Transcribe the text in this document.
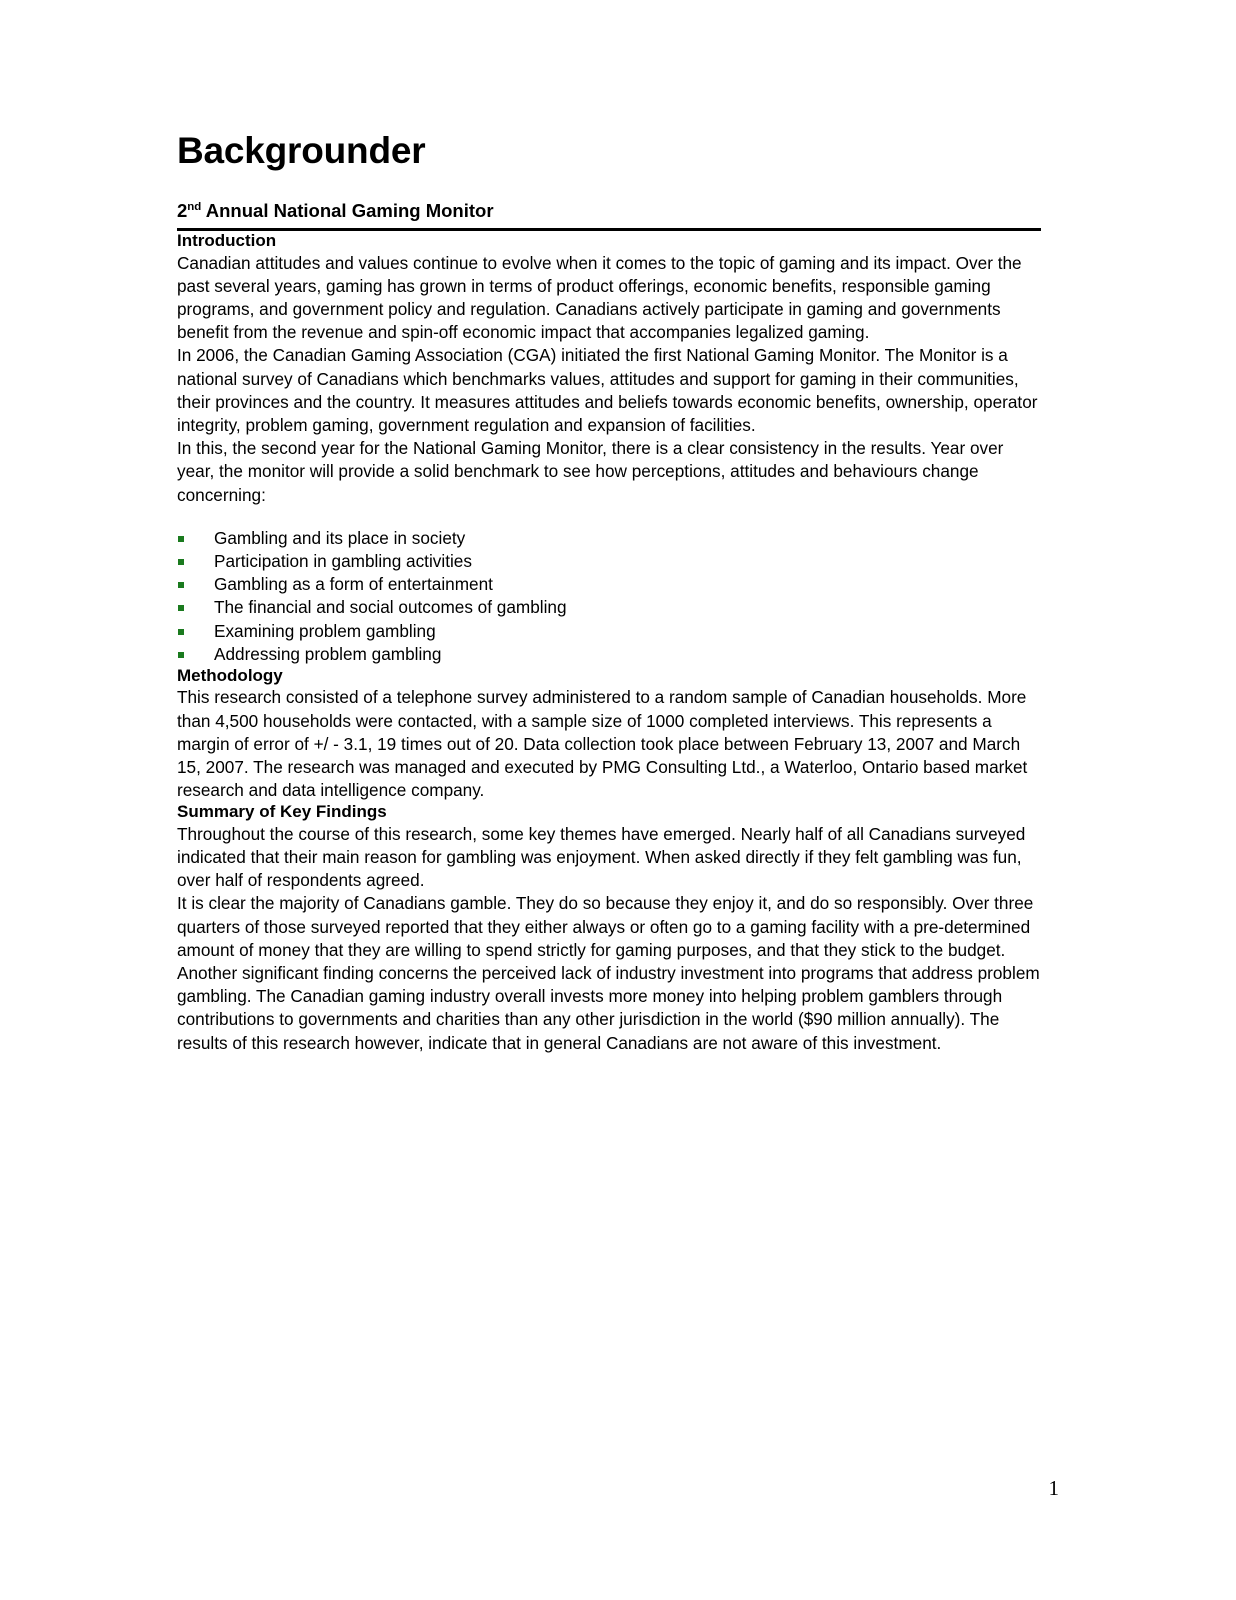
Backgrounder
2nd Annual National Gaming Monitor
Introduction

Canadian attitudes and values continue to evolve when it comes to the topic of gaming and its impact. Over the past several years, gaming has grown in terms of product offerings, economic benefits, responsible gaming programs, and government policy and regulation. Canadians actively participate in gaming and governments benefit from the revenue and spin-off economic impact that accompanies legalized gaming.

In 2006, the Canadian Gaming Association (CGA) initiated the first National Gaming Monitor. The Monitor is a national survey of Canadians which benchmarks values, attitudes and support for gaming in their communities, their provinces and the country. It measures attitudes and beliefs towards economic benefits, ownership, operator integrity, problem gaming, government regulation and expansion of facilities.

In this, the second year for the National Gaming Monitor, there is a clear consistency in the results. Year over year, the monitor will provide a solid benchmark to see how perceptions, attitudes and behaviours change concerning:

Gambling and its place in society
Participation in gambling activities
Gambling as a form of entertainment
The financial and social outcomes of gambling
Examining problem gambling
Addressing problem gambling
Methodology

This research consisted of a telephone survey administered to a random sample of Canadian households. More than 4,500 households were contacted, with a sample size of 1000 completed interviews. This represents a margin of error of +/ - 3.1, 19 times out of 20. Data collection took place between February 13, 2007 and March 15, 2007. The research was managed and executed by PMG Consulting Ltd., a Waterloo, Ontario based market research and data intelligence company.

Summary of Key Findings

Throughout the course of this research, some key themes have emerged. Nearly half of all Canadians surveyed indicated that their main reason for gambling was enjoyment. When asked directly if they felt gambling was fun, over half of respondents agreed.

It is clear the majority of Canadians gamble. They do so because they enjoy it, and do so responsibly. Over three quarters of those surveyed reported that they either always or often go to a gaming facility with a pre-determined amount of money that they are willing to spend strictly for gaming purposes, and that they stick to the budget.

Another significant finding concerns the perceived lack of industry investment into programs that address problem gambling. The Canadian gaming industry overall invests more money into helping problem gamblers through contributions to governments and charities than any other jurisdiction in the world ($90 million annually). The results of this research however, indicate that in general Canadians are not aware of this investment.

1
